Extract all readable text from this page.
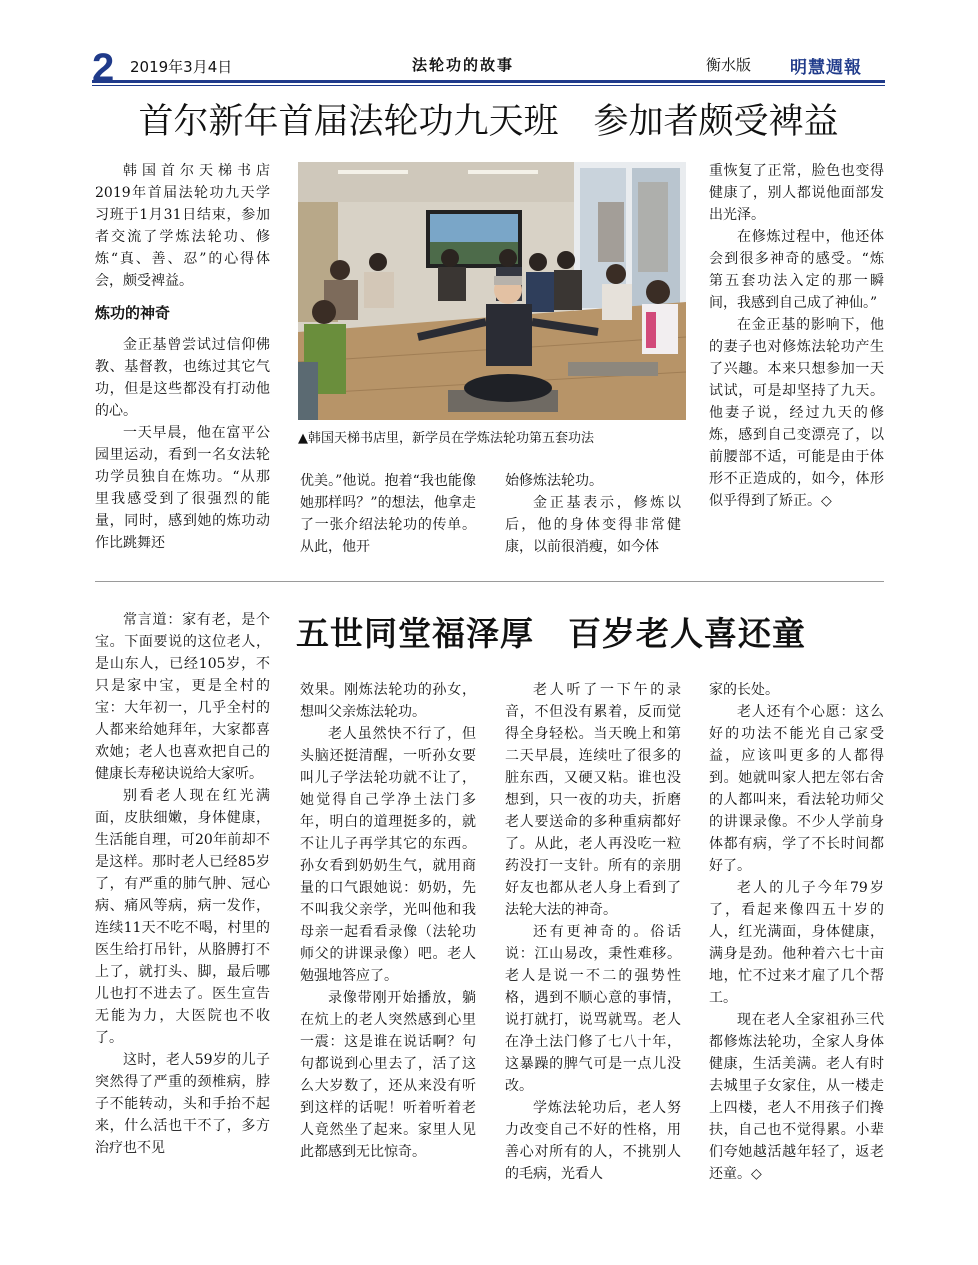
2 2019年3月4日	法轮功的故事	衡水版 明慧週報
首尔新年首届法轮功九天班　参加者颇受裨益

韩国首尔天梯书店2019年首届法轮功九天学习班于1月31日结束，参加者交流了学炼法轮功、修炼“真、善、忍”的心得体会，颇受裨益。

炼功的神奇

金正基曾尝试过信仰佛教、基督教，也练过其它气功，但是这些都没有打动他的心。

一天早晨，他在富平公园里运动，看到一名女法轮功学员独自在炼功。“从那里我感受到了很强烈的能量，同时，感到她的炼功动作比跳舞还

▲韩国天梯书店里，新学员在学炼法轮功第五套功法

优美。”他说。抱着“我也能像她那样吗？”的想法，他拿走了一张介绍法轮功的传单。从此，他开

始修炼法轮功。

金正基表示，修炼以后，他的身体变得非常健康，以前很消瘦，如今体

重恢复了正常，脸色也变得健康了，别人都说他面部发出光泽。

在修炼过程中，他还体会到很多神奇的感受。“炼第五套功法入定的那一瞬间，我感到自己成了神仙。”

在金正基的影响下，他的妻子也对修炼法轮功产生了兴趣。本来只想参加一天试试，可是却坚持了九天。他妻子说，经过九天的修炼，感到自己变漂亮了，以前腰部不适，可能是由于体形不正造成的，如今，体形似乎得到了矫正。◇

五世同堂福泽厚　百岁老人喜还童

常言道：家有老，是个宝。下面要说的这位老人，是山东人，已经105岁，不只是家中宝，更是全村的宝：大年初一，几乎全村的人都来给她拜年，大家都喜欢她；老人也喜欢把自己的健康长寿秘诀说给大家听。

别看老人现在红光满面，皮肤细嫩，身体健康，生活能自理，可20年前却不是这样。那时老人已经85岁了，有严重的肺气肿、冠心病、痛风等病，病一发作，连续11天不吃不喝，村里的医生给打吊针，从胳膊打不上了，就打头、脚，最后哪儿也打不进去了。医生宣告无能为力，大医院也不收了。

这时，老人59岁的儿子突然得了严重的颈椎病，脖子不能转动，头和手抬不起来，什么活也干不了，多方治疗也不见

效果。刚炼法轮功的孙女，想叫父亲炼法轮功。

老人虽然快不行了，但头脑还挺清醒，一听孙女要叫儿子学法轮功就不让了，她觉得自己学净土法门多年，明白的道理挺多的，就不让儿子再学其它的东西。孙女看到奶奶生气，就用商量的口气跟她说：奶奶，先不叫我父亲学，光叫他和我母亲一起看看录像（法轮功师父的讲课录像）吧。老人勉强地答应了。

录像带刚开始播放，躺在炕上的老人突然感到心里一震：这是谁在说话啊？句句都说到心里去了，活了这么大岁数了，还从来没有听到这样的话呢！听着听着老人竟然坐了起来。家里人见此都感到无比惊奇。

老人听了一下午的录音，不但没有累着，反而觉得全身轻松。当天晚上和第二天早晨，连续吐了很多的脏东西，又硬又粘。谁也没想到，只一夜的功夫，折磨老人要送命的多种重病都好了。从此，老人再没吃一粒药没打一支针。所有的亲朋好友也都从老人身上看到了法轮大法的神奇。

还有更神奇的。俗话说：江山易改，秉性难移。老人是说一不二的强势性格，遇到不顺心意的事情，说打就打，说骂就骂。老人在净土法门修了七八十年，这暴躁的脾气可是一点儿没改。

学炼法轮功后，老人努力改变自己不好的性格，用善心对所有的人，不挑别人的毛病，光看人

家的长处。

老人还有个心愿：这么好的功法不能光自己家受益，应该叫更多的人都得到。她就叫家人把左邻右舍的人都叫来，看法轮功师父的讲课录像。不少人学前身体都有病，学了不长时间都好了。

老人的儿子今年79岁了，看起来像四五十岁的人，红光满面，身体健康，满身是劲。他种着六七十亩地，忙不过来才雇了几个帮工。

现在老人全家祖孙三代都修炼法轮功，全家人身体健康，生活美满。老人有时去城里子女家住，从一楼走上四楼，老人不用孩子们搀扶，自己也不觉得累。小辈们夸她越活越年轻了，返老还童。◇
